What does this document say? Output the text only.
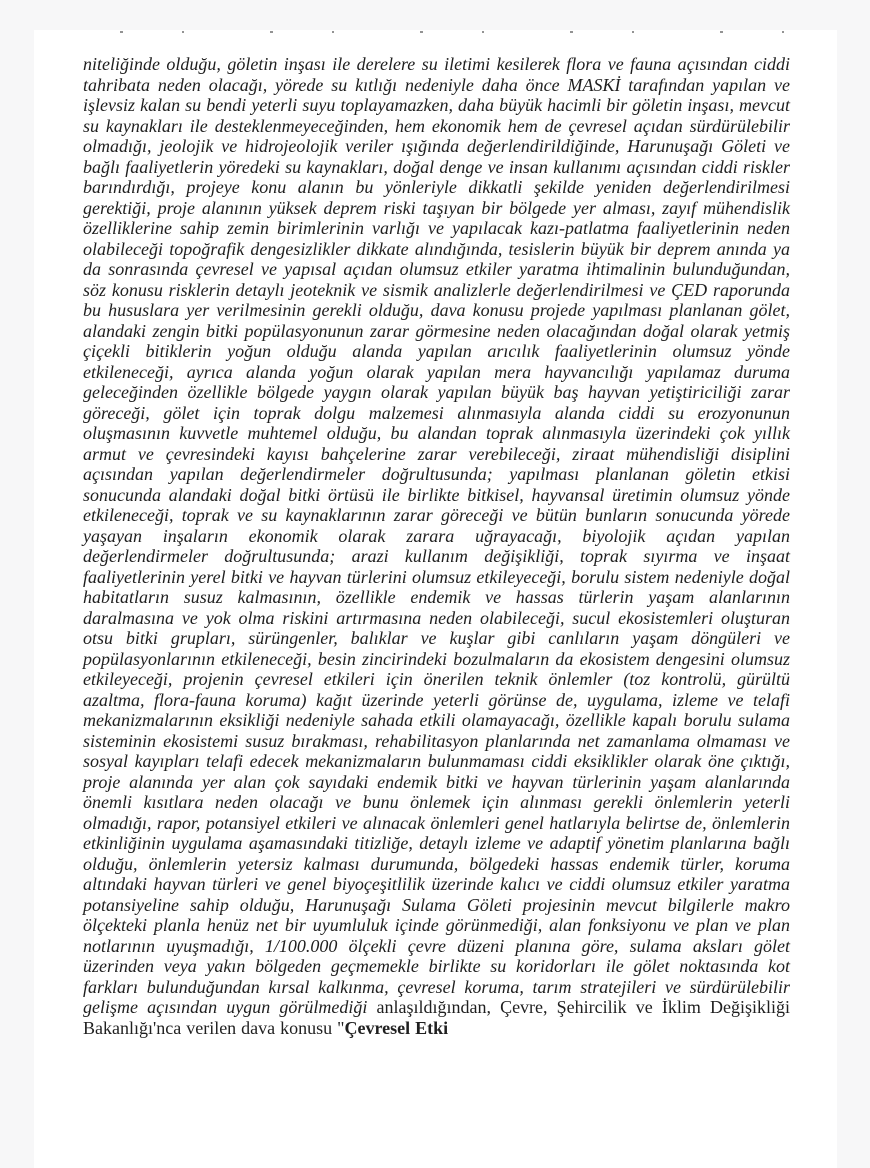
niteliğinde olduğu, göletin inşası ile derelere su iletimi kesilerek flora ve fauna açısından ciddi tahribata neden olacağı, yörede su kıtlığı nedeniyle daha önce MASKİ tarafından yapılan ve işlevsiz kalan su bendi yeterli suyu toplayamazken, daha büyük hacimli bir göletin inşası, mevcut su kaynakları ile desteklenmeyeceğinden, hem ekonomik hem de çevresel açıdan sürdürülebilir olmadığı, jeolojik ve hidrojeolojik veriler ışığında değerlendirildiğinde, Harunuşağı Göleti ve bağlı faaliyetlerin yöredeki su kaynakları, doğal denge ve insan kullanımı açısından ciddi riskler barındırdığı, projeye konu alanın bu yönleriyle dikkatli şekilde yeniden değerlendirilmesi gerektiği, proje alanının yüksek deprem riski taşıyan bir bölgede yer alması, zayıf mühendislik özelliklerine sahip zemin birimlerinin varlığı ve yapılacak kazı-patlatma faaliyetlerinin neden olabileceği topoğrafik dengesizlikler dikkate alındığında, tesislerin büyük bir deprem anında ya da sonrasında çevresel ve yapısal açıdan olumsuz etkiler yaratma ihtimalinin bulunduğundan, söz konusu risklerin detaylı jeoteknik ve sismik analizlerle değerlendirilmesi ve ÇED raporunda bu hususlara yer verilmesinin gerekli olduğu, dava konusu projede yapılması planlanan gölet, alandaki zengin bitki popülasyonunun zarar görmesine neden olacağından doğal olarak yetmiş çiçekli bitiklerin yoğun olduğu alanda yapılan arıcılık faaliyetlerinin olumsuz yönde etkileneceği, ayrıca alanda yoğun olarak yapılan mera hayvancılığı yapılamaz duruma geleceğinden özellikle bölgede yaygın olarak yapılan büyük baş hayvan yetiştiriciliği zarar göreceği, gölet için toprak dolgu malzemesi alınmasıyla alanda ciddi su erozyonunun oluşmasının kuvvetle muhtemel olduğu, bu alandan toprak alınmasıyla üzerindeki çok yıllık armut ve çevresindeki kayısı bahçelerine zarar verebileceği, ziraat mühendisliği disiplini açısından yapılan değerlendirmeler doğrultusunda; yapılması planlanan göletin etkisi sonucunda alandaki doğal bitki örtüsü ile birlikte bitkisel, hayvansal üretimin olumsuz yönde etkileneceği, toprak ve su kaynaklarının zarar göreceği ve bütün bunların sonucunda yörede yaşayan inşaların ekonomik olarak zarara uğrayacağı, biyolojik açıdan yapılan değerlendirmeler doğrultusunda; arazi kullanım değişikliği, toprak sıyırma ve inşaat faaliyetlerinin yerel bitki ve hayvan türlerini olumsuz etkileyeceği, borulu sistem nedeniyle doğal habitatların susuz kalmasının, özellikle endemik ve hassas türlerin yaşam alanlarının daralmasına ve yok olma riskini artırmasına neden olabileceği, sucul ekosistemleri oluşturan otsu bitki grupları, sürüngenler, balıklar ve kuşlar gibi canlıların yaşam döngüleri ve popülasyonlarının etkileneceği, besin zincirindeki bozulmaların da ekosistem dengesini olumsuz etkileyeceği, projenin çevresel etkileri için önerilen teknik önlemler (toz kontrolü, gürültü azaltma, flora-fauna koruma) kağıt üzerinde yeterli görünse de, uygulama, izleme ve telafi mekanizmalarının eksikliği nedeniyle sahada etkili olamayacağı, özellikle kapalı borulu sulama sisteminin ekosistemi susuz bırakması, rehabilitasyon planlarında net zamanlama olmaması ve sosyal kayıpları telafi edecek mekanizmaların bulunmaması ciddi eksiklikler olarak öne çıktığı, proje alanında yer alan çok sayıdaki endemik bitki ve hayvan türlerinin yaşam alanlarında önemli kısıtlara neden olacağı ve bunu önlemek için alınması gerekli önlemlerin yeterli olmadığı, rapor, potansiyel etkileri ve alınacak önlemleri genel hatlarıyla belirtse de, önlemlerin etkinliğinin uygulama aşamasındaki titizliğe, detaylı izleme ve adaptif yönetim planlarına bağlı olduğu, önlemlerin yetersiz kalması durumunda, bölgedeki hassas endemik türler, koruma altındaki hayvan türleri ve genel biyoçeşitlilik üzerinde kalıcı ve ciddi olumsuz etkiler yaratma potansiyeline sahip olduğu, Harunuşağı Sulama Göleti projesinin mevcut bilgilerle makro ölçekteki planla henüz net bir uyumluluk içinde görünmediği, alan fonksiyonu ve plan ve plan notlarının uyuşmadığı, 1/100.000 ölçekli çevre düzeni planına göre, sulama aksları gölet üzerinden veya yakın bölgeden geçmemekle birlikte su koridorları ile gölet noktasında kot farkları bulunduğundan kırsal kalkınma, çevresel koruma, tarım stratejileri ve sürdürülebilir gelişme açısından uygun görülmediği anlaşıldığından, Çevre, Şehircilik ve İklim Değişikliği Bakanlığı'nca verilen dava konusu "Çevresel Etki
